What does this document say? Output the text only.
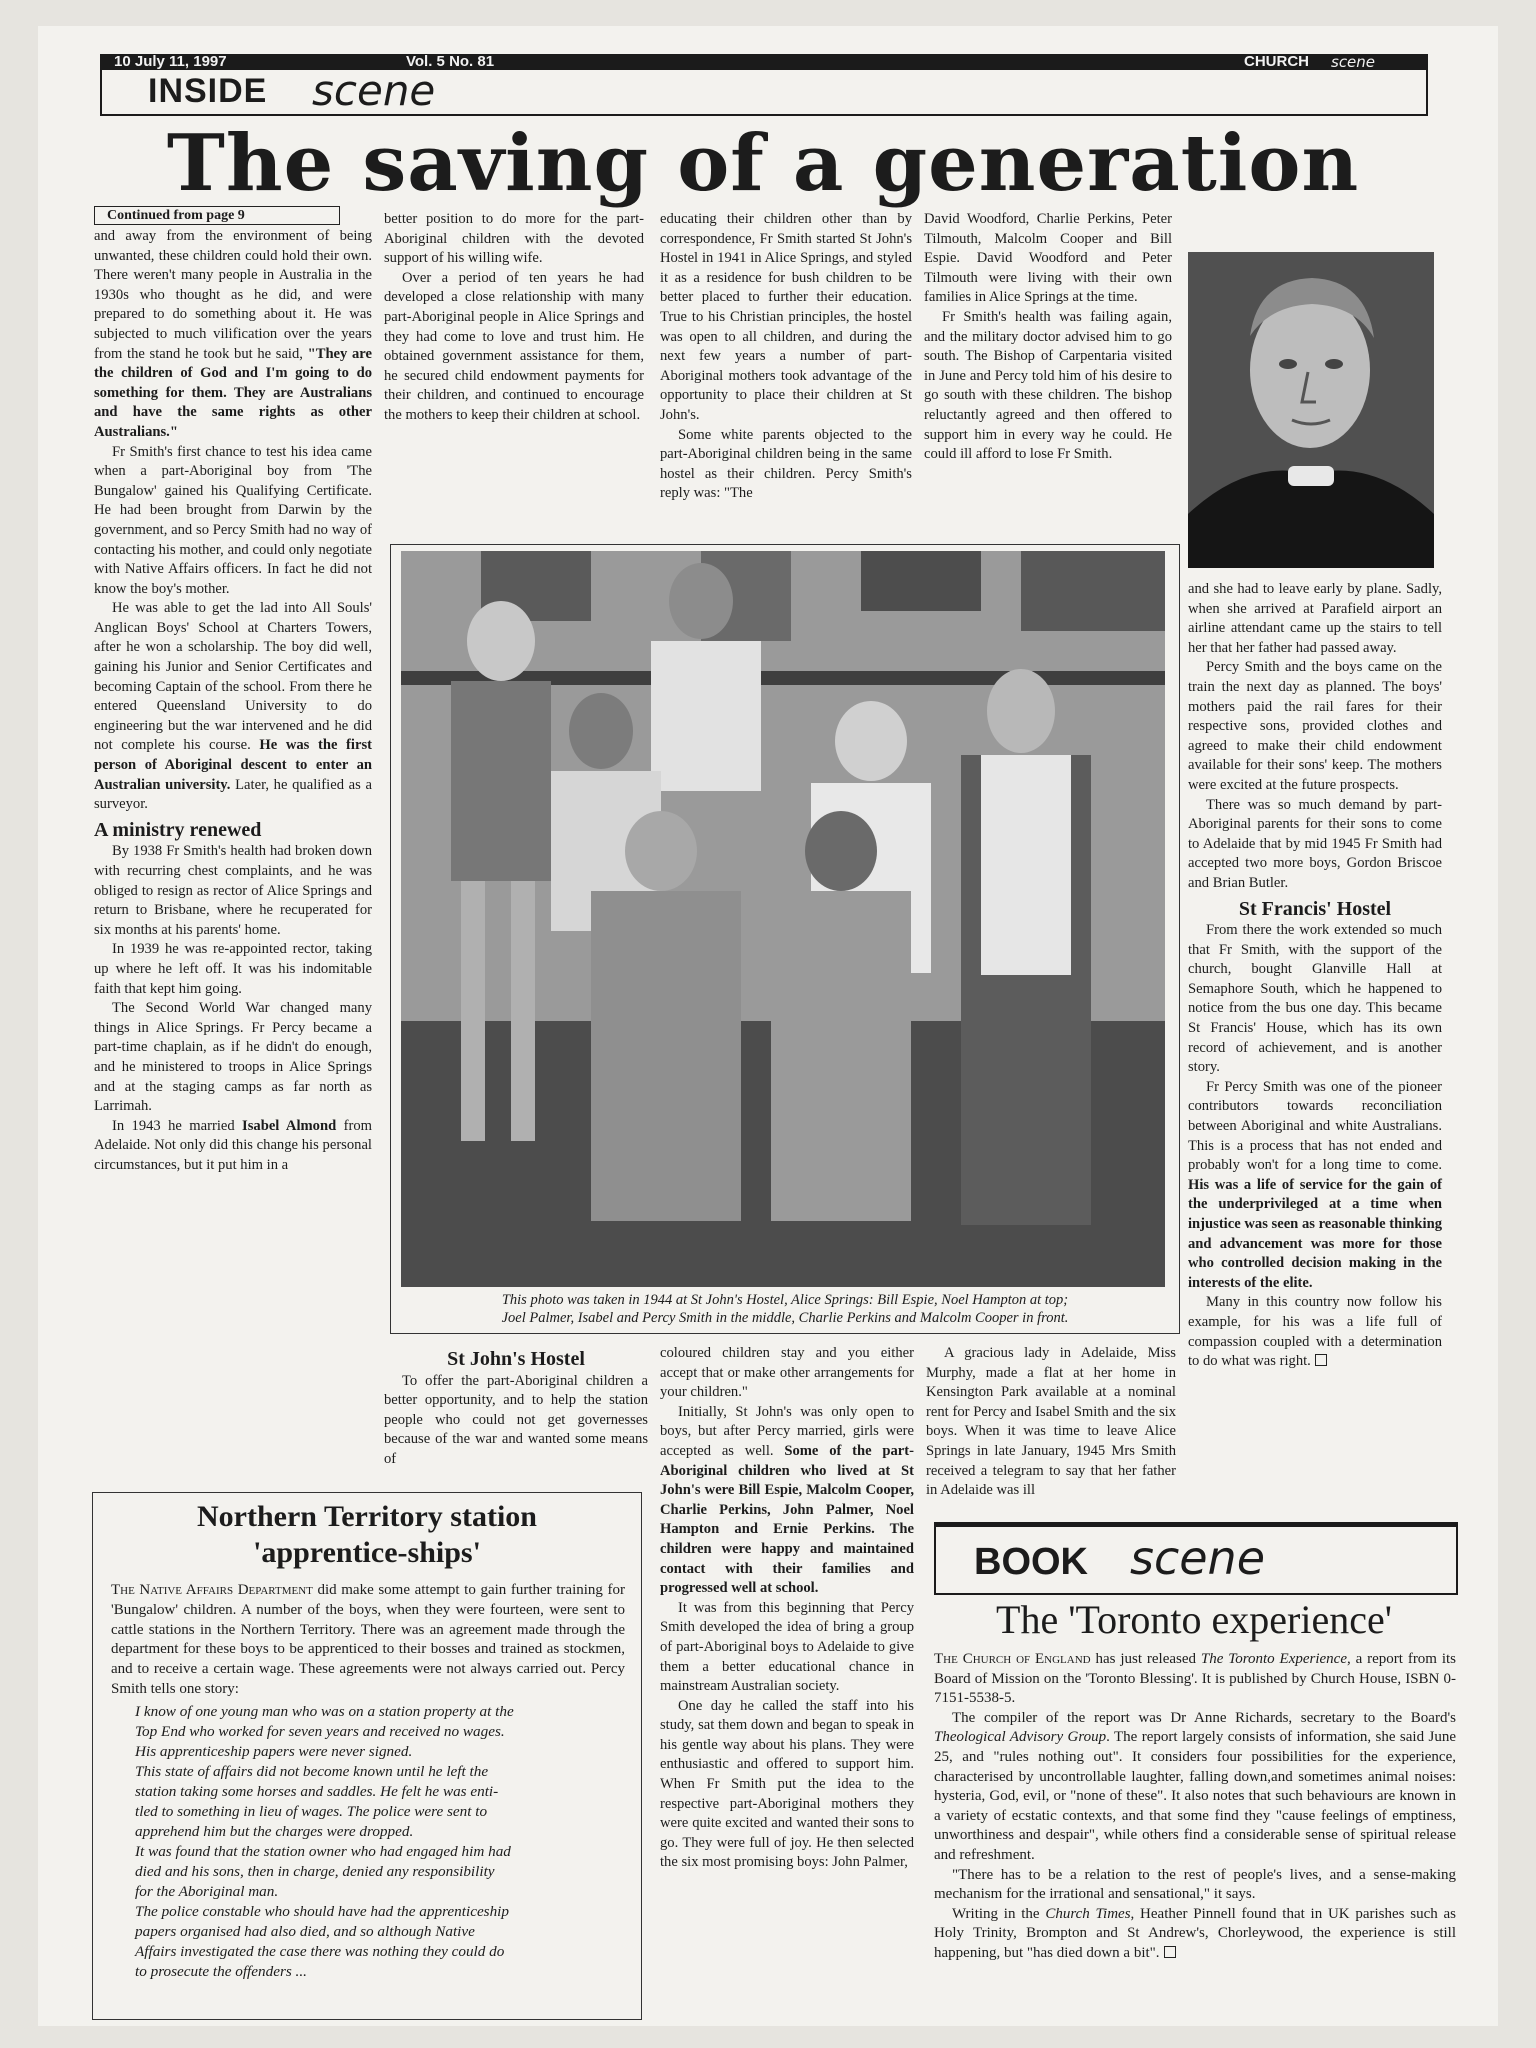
10 July 11, 1997	Vol. 5 No. 81	CHURCH scene
INSIDE scene
The saving of a generation
Continued from page 9

and away from the environment of being unwanted, these children could hold their own. There weren't many people in Australia in the 1930s who thought as he did, and were prepared to do something about it. He was subjected to much vilification over the years from the stand he took but he said, "They are the children of God and I'm going to do something for them. They are Australians and have the same rights as other Australians."

Fr Smith's first chance to test his idea came when a part-Aboriginal boy from 'The Bungalow' gained his Qualifying Certificate. He had been brought from Darwin by the government, and so Percy Smith had no way of contacting his mother, and could only negotiate with Native Affairs officers. In fact he did not know the boy's mother.

He was able to get the lad into All Souls' Anglican Boys' School at Charters Towers, after he won a scholarship. The boy did well, gaining his Junior and Senior Certificates and becoming Captain of the school. From there he entered Queensland University to do engineering but the war intervened and he did not complete his course. He was the first person of Aboriginal descent to enter an Australian university. Later, he qualified as a surveyor.

A ministry renewed

By 1938 Fr Smith's health had broken down with recurring chest complaints, and he was obliged to resign as rector of Alice Springs and return to Brisbane, where he recuperated for six months at his parents' home.

In 1939 he was re-appointed rector, taking up where he left off. It was his indomitable faith that kept him going.

The Second World War changed many things in Alice Springs. Fr Percy became a part-time chaplain, as if he didn't do enough, and he ministered to troops in Alice Springs and at the staging camps as far north as Larrimah.

In 1943 he married Isabel Almond from Adelaide. Not only did this change his personal circumstances, but it put him in a

better position to do more for the part-Aboriginal children with the devoted support of his willing wife.

Over a period of ten years he had developed a close relationship with many part-Aboriginal people in Alice Springs and they had come to love and trust him. He obtained government assistance for them, he secured child endowment payments for their children, and continued to encourage the mothers to keep their children at school.

educating their children other than by correspondence, Fr Smith started St John's Hostel in 1941 in Alice Springs, and styled it as a residence for bush children to be better placed to further their education. True to his Christian principles, the hostel was open to all children, and during the next few years a number of part-Aboriginal mothers took advantage of the opportunity to place their children at St John's.

Some white parents objected to the part-Aboriginal children being in the same hostel as their children. Percy Smith's reply was: "The

David Woodford, Charlie Perkins, Peter Tilmouth, Malcolm Cooper and Bill Espie. David Woodford and Peter Tilmouth were living with their own families in Alice Springs at the time.

Fr Smith's health was failing again, and the military doctor advised him to go south. The Bishop of Carpentaria visited in June and Percy told him of his desire to go south with these children. The bishop reluctantly agreed and then offered to support him in every way he could. He could ill afford to lose Fr Smith.

This photo was taken in 1944 at St John's Hostel, Alice Springs: Bill Espie, Noel Hampton at top;
Joel Palmer, Isabel and Percy Smith in the middle, Charlie Perkins and Malcolm Cooper in front.

and she had to leave early by plane. Sadly, when she arrived at Parafield airport an airline attendant came up the stairs to tell her that her father had passed away.

Percy Smith and the boys came on the train the next day as planned. The boys' mothers paid the rail fares for their respective sons, provided clothes and agreed to make their child endowment available for their sons' keep. The mothers were excited at the future prospects.

There was so much demand by part-Aboriginal parents for their sons to come to Adelaide that by mid 1945 Fr Smith had accepted two more boys, Gordon Briscoe and Brian Butler.

St Francis' Hostel

From there the work extended so much that Fr Smith, with the support of the church, bought Glanville Hall at Semaphore South, which he happened to notice from the bus one day. This became St Francis' House, which has its own record of achievement, and is another story.

Fr Percy Smith was one of the pioneer contributors towards reconciliation between Aboriginal and white Australians. This is a process that has not ended and probably won't for a long time to come. His was a life of service for the gain of the underprivileged at a time when injustice was seen as reasonable thinking and advancement was more for those who controlled decision making in the interests of the elite.

Many in this country now follow his example, for his was a life full of compassion coupled with a determination to do what was right.

St John's Hostel

To offer the part-Aboriginal children a better opportunity, and to help the station people who could not get governesses because of the war and wanted some means of

coloured children stay and you either accept that or make other arrangements for your children."

Initially, St John's was only open to boys, but after Percy married, girls were accepted as well. Some of the part-Aboriginal children who lived at St John's were Bill Espie, Malcolm Cooper, Charlie Perkins, John Palmer, Noel Hampton and Ernie Perkins. The children were happy and maintained contact with their families and progressed well at school.

It was from this beginning that Percy Smith developed the idea of bring a group of part-Aboriginal boys to Adelaide to give them a better educational chance in mainstream Australian society.

One day he called the staff into his study, sat them down and began to speak in his gentle way about his plans. They were enthusiastic and offered to support him. When Fr Smith put the idea to the respective part-Aboriginal mothers they were quite excited and wanted their sons to go. They were full of joy. He then selected the six most promising boys: John Palmer,

A gracious lady in Adelaide, Miss Murphy, made a flat at her home in Kensington Park available at a nominal rent for Percy and Isabel Smith and the six boys. When it was time to leave Alice Springs in late January, 1945 Mrs Smith received a telegram to say that her father in Adelaide was ill

Northern Territory station
'apprentice-ships'
The Native Affairs Department did make some attempt to gain further training for 'Bungalow' children. A number of the boys, when they were fourteen, were sent to cattle stations in the Northern Territory. There was an agreement made through the department for these boys to be apprenticed to their bosses and trained as stockmen, and to receive a certain wage. These agreements were not always carried out. Percy Smith tells one story:
I know of one young man who was on a station property at the
Top End who worked for seven years and received no wages.
His apprenticeship papers were never signed.
This state of affairs did not become known until he left the
station taking some horses and saddles. He felt he was enti-
tled to something in lieu of wages. The police were sent to
apprehend him but the charges were dropped.
It was found that the station owner who had engaged him had
died and his sons, then in charge, denied any responsibility
for the Aboriginal man.
The police constable who should have had the apprenticeship
papers organised had also died, and so although Native
Affairs investigated the case there was nothing they could do
to prosecute the offenders ...
BOOK scene
The 'Toronto experience'

The Church of England has just released The Toronto Experience, a report from its Board of Mission on the 'Toronto Blessing'. It is published by Church House, ISBN 0-7151-5538-5.

The compiler of the report was Dr Anne Richards, secretary to the Board's Theological Advisory Group. The report largely consists of information, she said June 25, and "rules nothing out". It considers four possibilities for the experience, characterised by uncontrollable laughter, falling down,and sometimes animal noises: hysteria, God, evil, or "none of these". It also notes that such behaviours are known in a variety of ecstatic contexts, and that some find they "cause feelings of emptiness, unworthiness and despair", while others find a considerable sense of spiritual release and refreshment.

"There has to be a relation to the rest of people's lives, and a sense-making mechanism for the irrational and sensational," it says.

Writing in the Church Times, Heather Pinnell found that in UK parishes such as Holy Trinity, Brompton and St Andrew's, Chorleywood, the experience is still happening, but "has died down a bit".
